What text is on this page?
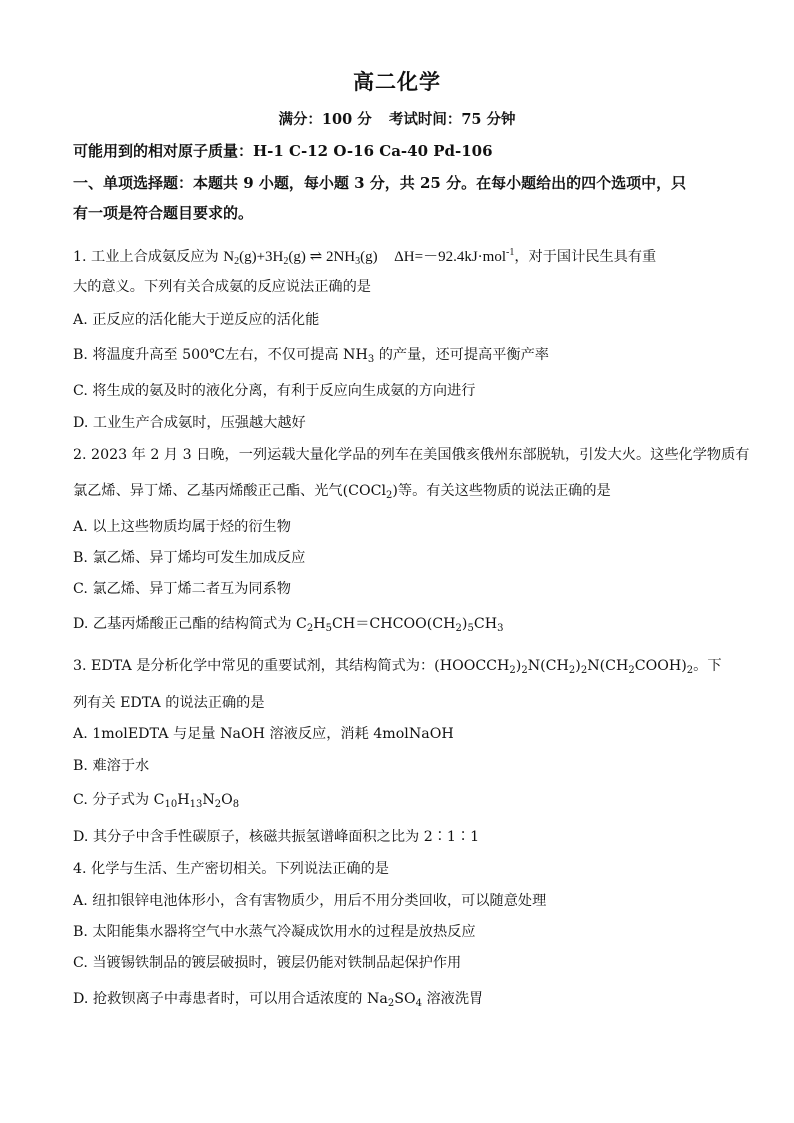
高二化学
满分：100 分 考试时间：75 分钟
可能用到的相对原子质量：H-1 C-12 O-16 Ca-40 Pd-106
一、单项选择题：本题共 9 小题，每小题 3 分，共 25 分。在每小题给出的四个选项中，只
有一项是符合题目要求的。
1. 工业上合成氨反应为 $N_2(g)+3H_2(g)$ ⇌ $2NH_3(g)$ ΔH=－92.4kJ·mol$^{-1}$，对于国计民生具有重
大的意义。下列有关合成氨的反应说法正确的是
A. 正反应的活化能大于逆反应的活化能
B. 将温度升高至 500℃左右，不仅可提高 $NH_3$ 的产量，还可提高平衡产率
C. 将生成的氨及时的液化分离，有利于反应向生成氨的方向进行
D. 工业生产合成氨时，压强越大越好
2. 2023 年 2 月 3 日晚，一列运载大量化学品的列车在美国俄亥俄州东部脱轨，引发大火。这些化学物质有
氯乙烯、异丁烯、乙基丙烯酸正己酯、光气(COCl$_2$)等。有关这些物质的说法正确的是
A. 以上这些物质均属于烃的衍生物
B. 氯乙烯、异丁烯均可发生加成反应
C. 氯乙烯、异丁烯二者互为同系物
D. 乙基丙烯酸正己酯的结构简式为 $C_2H_5CH=CHCOO(CH_2)_5CH_3$
3. EDTA 是分析化学中常见的重要试剂，其结构简式为：$(HOOCCH_2)_2N(CH_2)_2N(CH_2COOH)_2$。下
列有关 EDTA 的说法正确的是
A. 1molEDTA 与足量 NaOH 溶液反应，消耗 4molNaOH
B. 难溶于水
C. 分子式为 $C_{10}H_{13}N_2O_8$
D. 其分子中含手性碳原子，核磁共振氢谱峰面积之比为 2∶1∶1
4. 化学与生活、生产密切相关。下列说法正确的是
A. 纽扣银锌电池体形小，含有害物质少，用后不用分类回收，可以随意处理
B. 太阳能集水器将空气中水蒸气冷凝成饮用水的过程是放热反应
C. 当镀锡铁制品的镀层破损时，镀层仍能对铁制品起保护作用
D. 抢救钡离子中毒患者时，可以用合适浓度的 $Na_2SO_4$ 溶液洗胃
